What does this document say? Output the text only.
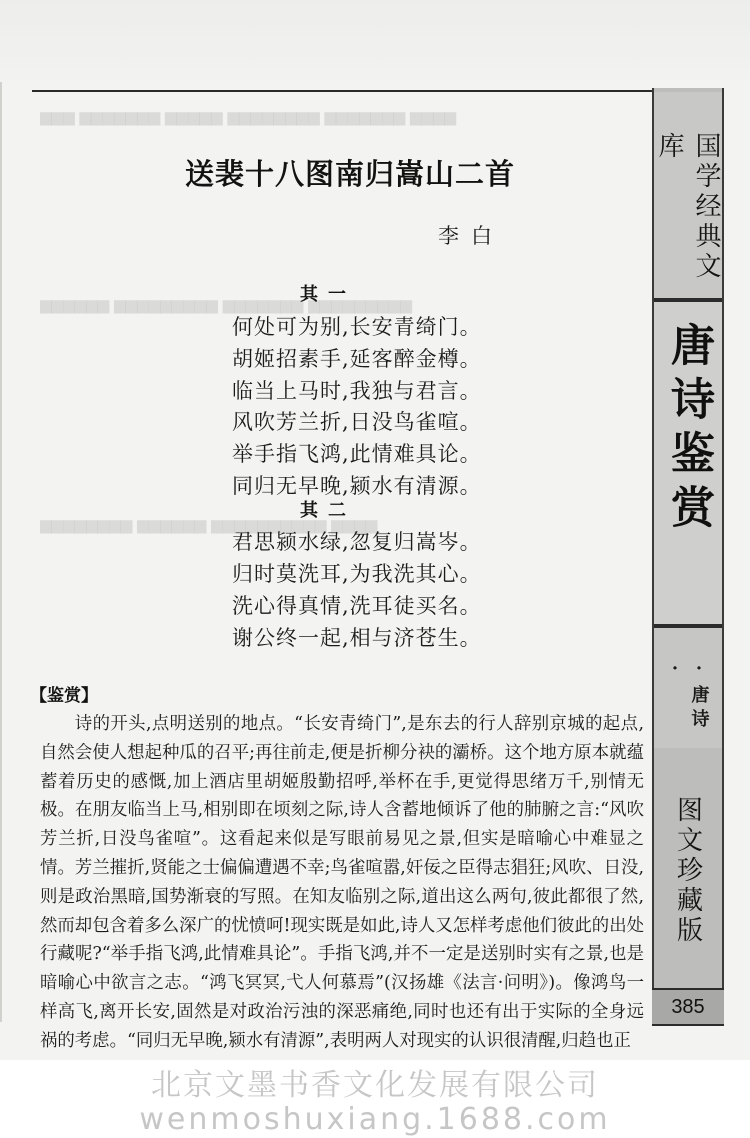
▆▆▆ ▆▆▆▆▆▆▆ ▆▆▆▆▆ ▆▆▆▆▆▆▆▆ ▆▆▆▆▆▆▆ ▆▆▆▆
▆▆▆▆▆▆ ▆▆▆▆▆▆▆▆▆ ▆▆▆▆▆▆▆ ▆▆▆▆▆▆▆▆▆
▆▆▆▆▆▆▆▆ ▆▆▆▆▆▆ ▆▆▆▆▆▆▆▆▆▆ ▆▆▆▆
国学经典文库
唐诗鉴赏
·唐诗·
图文珍藏版
385
送裴十八图南归嵩山二首
李白
其一
何处可为别,长安青绮门。
胡姬招素手,延客醉金樽。
临当上马时,我独与君言。
风吹芳兰折,日没鸟雀喧。
举手指飞鸿,此情难具论。
同归无早晚,颍水有清源。
其二
君思颍水绿,忽复归嵩岑。
归时莫洗耳,为我洗其心。
洗心得真情,洗耳徒买名。
谢公终一起,相与济苍生。
【鉴赏】

诗的开头,点明送别的地点。“长安青绮门”,是东去的行人辞别京城的起点,自然会使人想起种瓜的召平;再往前走,便是折柳分袂的灞桥。这个地方原本就蕴蓄着历史的感慨,加上酒店里胡姬殷勤招呼,举杯在手,更觉得思绪万千,别情无极。在朋友临当上马,相别即在顷刻之际,诗人含蓄地倾诉了他的肺腑之言:“风吹芳兰折,日没鸟雀喧”。这看起来似是写眼前易见之景,但实是暗喻心中难显之情。芳兰摧折,贤能之士偏偏遭遇不幸;鸟雀喧嚣,奸佞之臣得志猖狂;风吹、日没,则是政治黑暗,国势渐衰的写照。在知友临别之际,道出这么两句,彼此都很了然,然而却包含着多么深广的忧愤呵!现实既是如此,诗人又怎样考虑他们彼此的出处行藏呢?“举手指飞鸿,此情难具论”。手指飞鸿,并不一定是送别时实有之景,也是暗喻心中欲言之志。“鸿飞冥冥,弋人何慕焉”(汉扬雄《法言·问明》)。像鸿鸟一样高飞,离开长安,固然是对政治污浊的深恶痛绝,同时也还有出于实际的全身远祸的考虑。“同归无早晚,颍水有清源”,表明两人对现实的认识很清醒,归趋也正

北京文墨书香文化发展有限公司
wenmoshuxiang.1688.com
